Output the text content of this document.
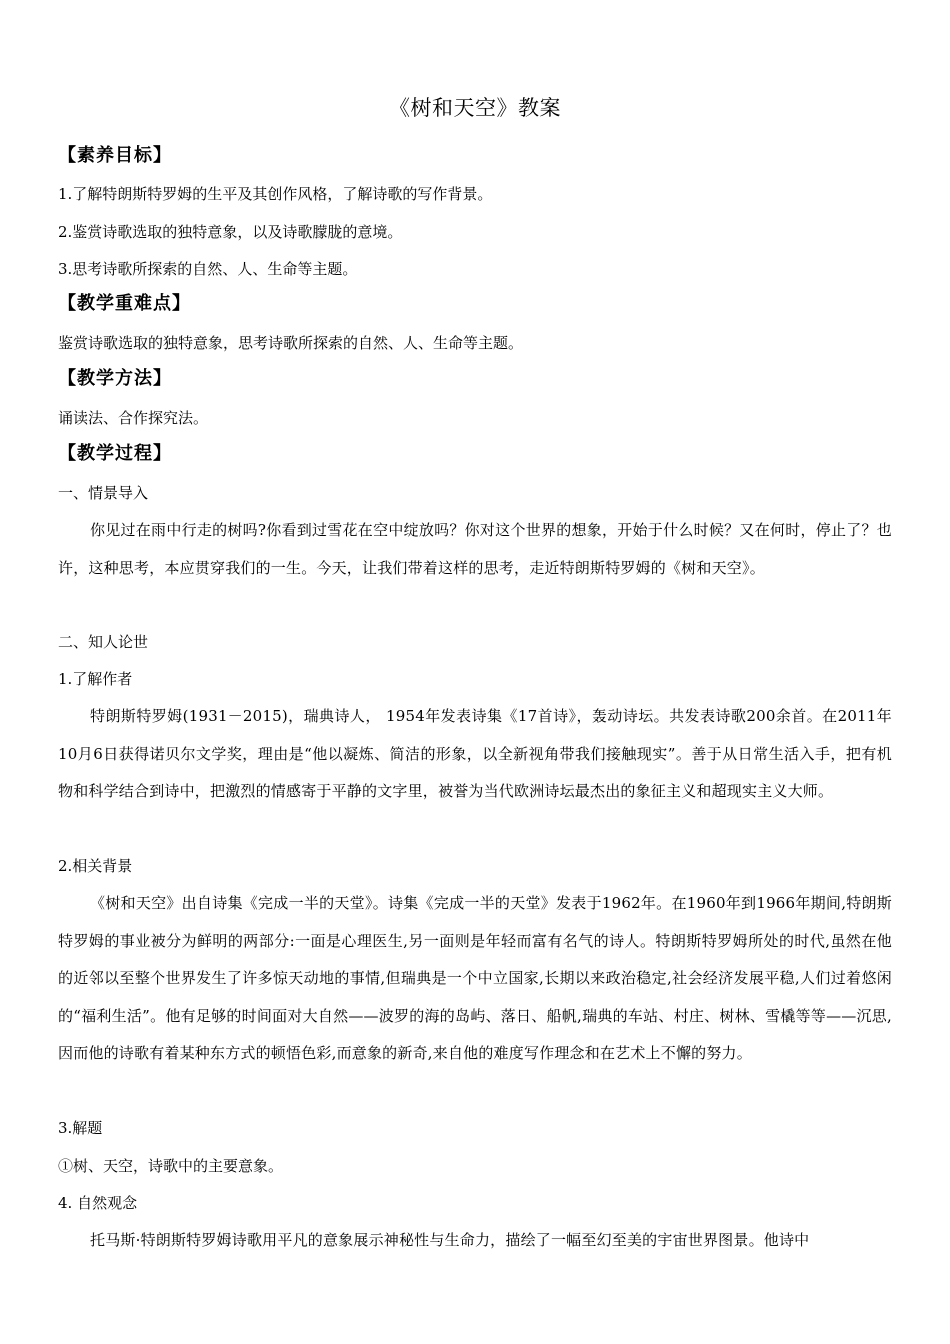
《树和天空》教案
【素养目标】
1.了解特朗斯特罗姆的生平及其创作风格，了解诗歌的写作背景。
2.鉴赏诗歌选取的独特意象，以及诗歌朦胧的意境。
3.思考诗歌所探索的自然、人、生命等主题。
【教学重难点】
鉴赏诗歌选取的独特意象，思考诗歌所探索的自然、人、生命等主题。
【教学方法】
诵读法、合作探究法。
【教学过程】
一、情景导入
你见过在雨中行走的树吗?你看到过雪花在空中绽放吗？你对这个世界的想象，开始于什么时候？又在何时，停止了？也许，这种思考，本应贯穿我们的一生。今天，让我们带着这样的思考，走近特朗斯特罗姆的《树和天空》。
二、知人论世
1.了解作者
特朗斯特罗姆(1931－2015)，瑞典诗人， 1954年发表诗集《17首诗》，轰动诗坛。共发表诗歌200余首。在2011年10月6日获得诺贝尔文学奖，理由是“他以凝炼、简洁的形象，以全新视角带我们接触现实”。善于从日常生活入手，把有机物和科学结合到诗中，把激烈的情感寄于平静的文字里，被誉为当代欧洲诗坛最杰出的象征主义和超现实主义大师。
2.相关背景
《树和天空》出自诗集《完成一半的天堂》。诗集《完成一半的天堂》发表于1962年。在1960年到1966年期间,特朗斯特罗姆的事业被分为鲜明的两部分:一面是心理医生,另一面则是年轻而富有名气的诗人。特朗斯特罗姆所处的时代,虽然在他的近邻以至整个世界发生了许多惊天动地的事情,但瑞典是一个中立国家,长期以来政治稳定,社会经济发展平稳,人们过着悠闲的“福利生活”。他有足够的时间面对大自然——波罗的海的岛屿、落日、船帆,瑞典的车站、村庄、树林、雪橇等等——沉思,因而他的诗歌有着某种东方式的顿悟色彩,而意象的新奇,来自他的难度写作理念和在艺术上不懈的努力。
3.解题
①树、天空，诗歌中的主要意象。
4. 自然观念
托马斯·特朗斯特罗姆诗歌用平凡的意象展示神秘性与生命力，描绘了一幅至幻至美的宇宙世界图景。他诗中
